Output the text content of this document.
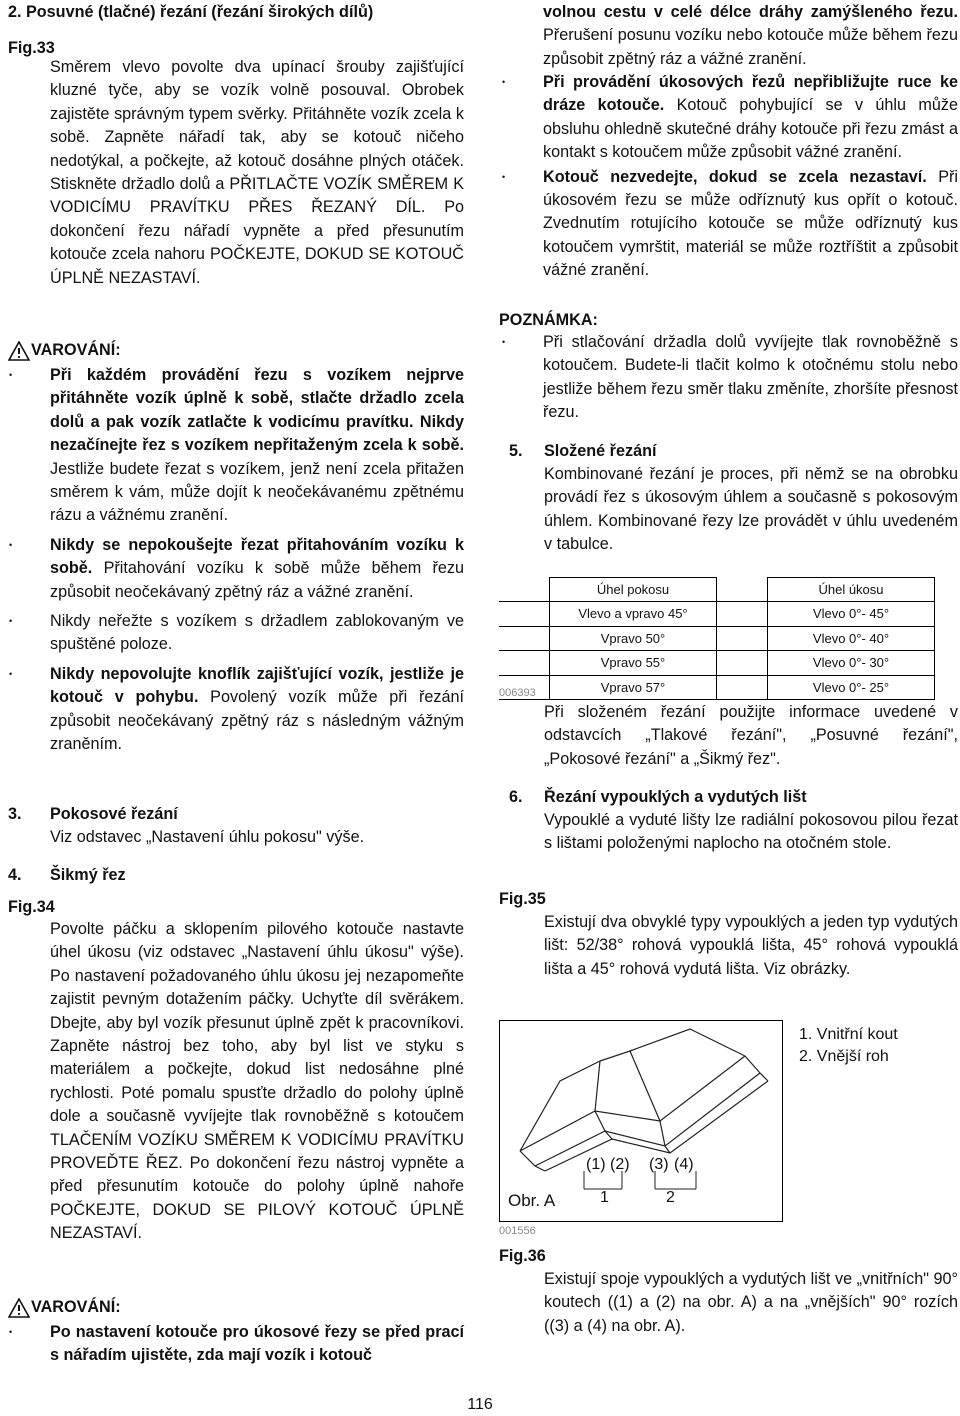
2. Posuvné (tlačné) řezání (řezání širokých dílů)
Fig.33

Směrem vlevo povolte dva upínací šrouby zajišťující kluzné tyče, aby se vozík volně posouval. Obrobek zajistěte správným typem svěrky. Přitáhněte vozík zcela k sobě. Zapněte nářadí tak, aby se kotouč ničeho nedotýkal, a počkejte, až kotouč dosáhne plných otáček. Stiskněte držadlo dolů a PŘITLAČTE VOZÍK SMĚREM K VODICÍMU PRAVÍTKU PŘES ŘEZANÝ DÍL. Po dokončení řezu nářadí vypněte a před přesunutím kotouče zcela nahoru POČKEJTE, DOKUD SE KOTOUČ ÚPLNĚ NEZASTAVÍ.

VAROVÁNÍ:

• Při každém provádění řezu s vozíkem nejprve přitáhněte vozík úplně k sobě, stlačte držadlo zcela dolů a pak vozík zatlačte k vodicímu pravítku. Nikdy nezačínejte řez s vozíkem nepřitaženým zcela k sobě. Jestliže budete řezat s vozíkem, jenž není zcela přitažen směrem k vám, může dojít k neočekávanému zpětnému rázu a vážnému zranění.

• Nikdy se nepokoušejte řezat přitahováním vozíku k sobě. Přitahování vozíku k sobě může během řezu způsobit neočekávaný zpětný ráz a vážné zranění.

• Nikdy neřežte s vozíkem s držadlem zablokovaným ve spuštěné poloze.

• Nikdy nepovolujte knoflík zajišťující vozík, jestliže je kotouč v pohybu. Povolený vozík může při řezání způsobit neočekávaný zpětný ráz s následným vážným zraněním.

3. Pokosové řezání

Viz odstavec „Nastavení úhlu pokosu" výše.

4. Šikmý řez
Fig.34

Povolte páčku a sklopením pilového kotouče nastavte úhel úkosu (viz odstavec „Nastavení úhlu úkosu" výše). Po nastavení požadovaného úhlu úkosu jej nezapomeňte zajistit pevným dotažením páčky. Uchyťte díl svěrákem. Dbejte, aby byl vozík přesunut úplně zpět k pracovníkovi. Zapněte nástroj bez toho, aby byl list ve styku s materiálem a počkejte, dokud list nedosáhne plné rychlosti. Poté pomalu spusťte držadlo do polohy úplně dole a současně vyvíjejte tlak rovnoběžně s kotoučem TLAČENÍM VOZÍKU SMĚREM K VODICÍMU PRAVÍTKU PROVEĎTE ŘEZ. Po dokončení řezu nástroj vypněte a před přesunutím kotouče do polohy úplně nahoře POČKEJTE, DOKUD SE PILOVÝ KOTOUČ ÚPLNĚ NEZASTAVÍ.

VAROVÁNÍ:

• Po nastavení kotouče pro úkosové řezy se před prací s nářadím ujistěte, zda mají vozík i kotouč

volnou cestu v celé délce dráhy zamýšleného řezu. Přerušení posunu vozíku nebo kotouče může během řezu způsobit zpětný ráz a vážné zranění.

• Při provádění úkosových řezů nepřibližujte ruce ke dráze kotouče. Kotouč pohybující se v úhlu může obsluhu ohledně skutečné dráhy kotouče při řezu zmást a kontakt s kotoučem může způsobit vážné zranění.

• Kotouč nezvedejte, dokud se zcela nezastaví. Při úkosovém řezu se může odříznutý kus opřít o kotouč. Zvednutím rotujícího kotouče se může odříznutý kus kotoučem vymrštit, materiál se může roztříštit a způsobit vážné zranění.

POZNÁMKA:

• Při stlačování držadla dolů vyvíjejte tlak rovnoběžně s kotoučem. Budete-li tlačit kolmo k otočnému stolu nebo jestliže během řezu směr tlaku změníte, zhoršíte přesnost řezu.

5. Složené řezání

Kombinované řezání je proces, při němž se na obrobku provádí řez s úkosovým úhlem a současně s pokosovým úhlem. Kombinované řezy lze provádět v úhlu uvedeném v tabulce.

	Úhel pokosu		Úhel úkosu
	Vlevo a vpravo 45°		Vlevo 0°- 45°
	Vpravo 50°		Vlevo 0°- 40°
	Vpravo 55°		Vlevo 0°- 30°
	Vpravo 57°		Vlevo 0°- 25°
006393

Při složeném řezání použijte informace uvedené v odstavcích „Tlakové řezání", „Posuvné řezání", „Pokosové řezání" a „Šikmý řez".

6. Řezání vypouklých a vydutých lišt

Vypouklé a vyduté lišty lze radiální pokosovou pilou řezat s lištami položenými naplocho na otočném stole.

Fig.35

Existují dva obvyklé typy vypouklých a jeden typ vydutých lišt: 52/38° rohová vypouklá lišta, 45° rohová vypouklá lišta a 45° rohová vydutá lišta. Viz obrázky.

(1) (2) (3) (4)
1	2
Obr. A
1. Vnitřní kout
2. Vnější roh
001556
Fig.36

Existují spoje vypouklých a vydutých lišt ve „vnitřních" 90° koutech ((1) a (2) na obr. A) a na „vnějších" 90° rozích ((3) a (4) na obr. A).

116
